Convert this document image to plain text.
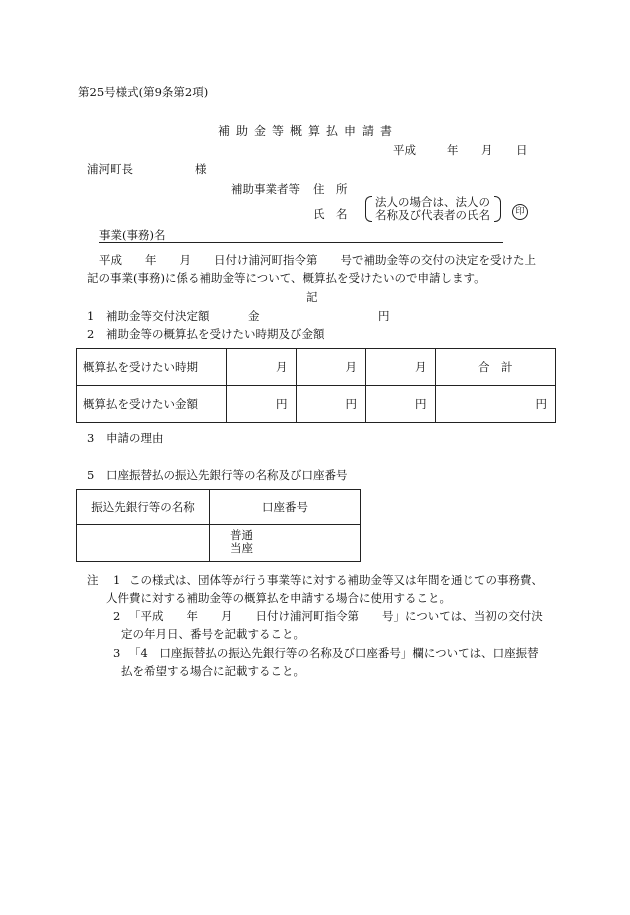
第25号様式(第9条第2項)
補助金等概算払申請書
平成	年 月 日
浦河町長	様
補助事業者等 住　所
氏　名
法人の場合は、法人の
名称及び代表者の氏名	印
事業(事務)名
平成　　年　　月　　日付け浦河町指令第　　号で補助金等の交付の決定を受けた上
記の事業(事務)に係る補助金等について、概算払を受けたいので申請します。
記
1 補助金等交付決定額	金	円
2 補助金等の概算払を受けたい時期及び金額
概算払を受けたい時期	月	月	月	合　計
概算払を受けたい金額	円	円	円	円
3 申請の理由
5 口座振替払の振込先銀行等の名称及び口座番号
振込先銀行等の名称	口座番号

	普通
当座
注 1 この様式は、団体等が行う事業等に対する補助金等又は年間を通じての事務費、
人件費に対する補助金等の概算払を申請する場合に使用すること。
2 「平成　　年　　月　　日付け浦河町指令第　　号」については、当初の交付決
定の年月日、番号を記載すること。
3 「4　口座振替払の振込先銀行等の名称及び口座番号」欄については、口座振替
払を希望する場合に記載すること。
